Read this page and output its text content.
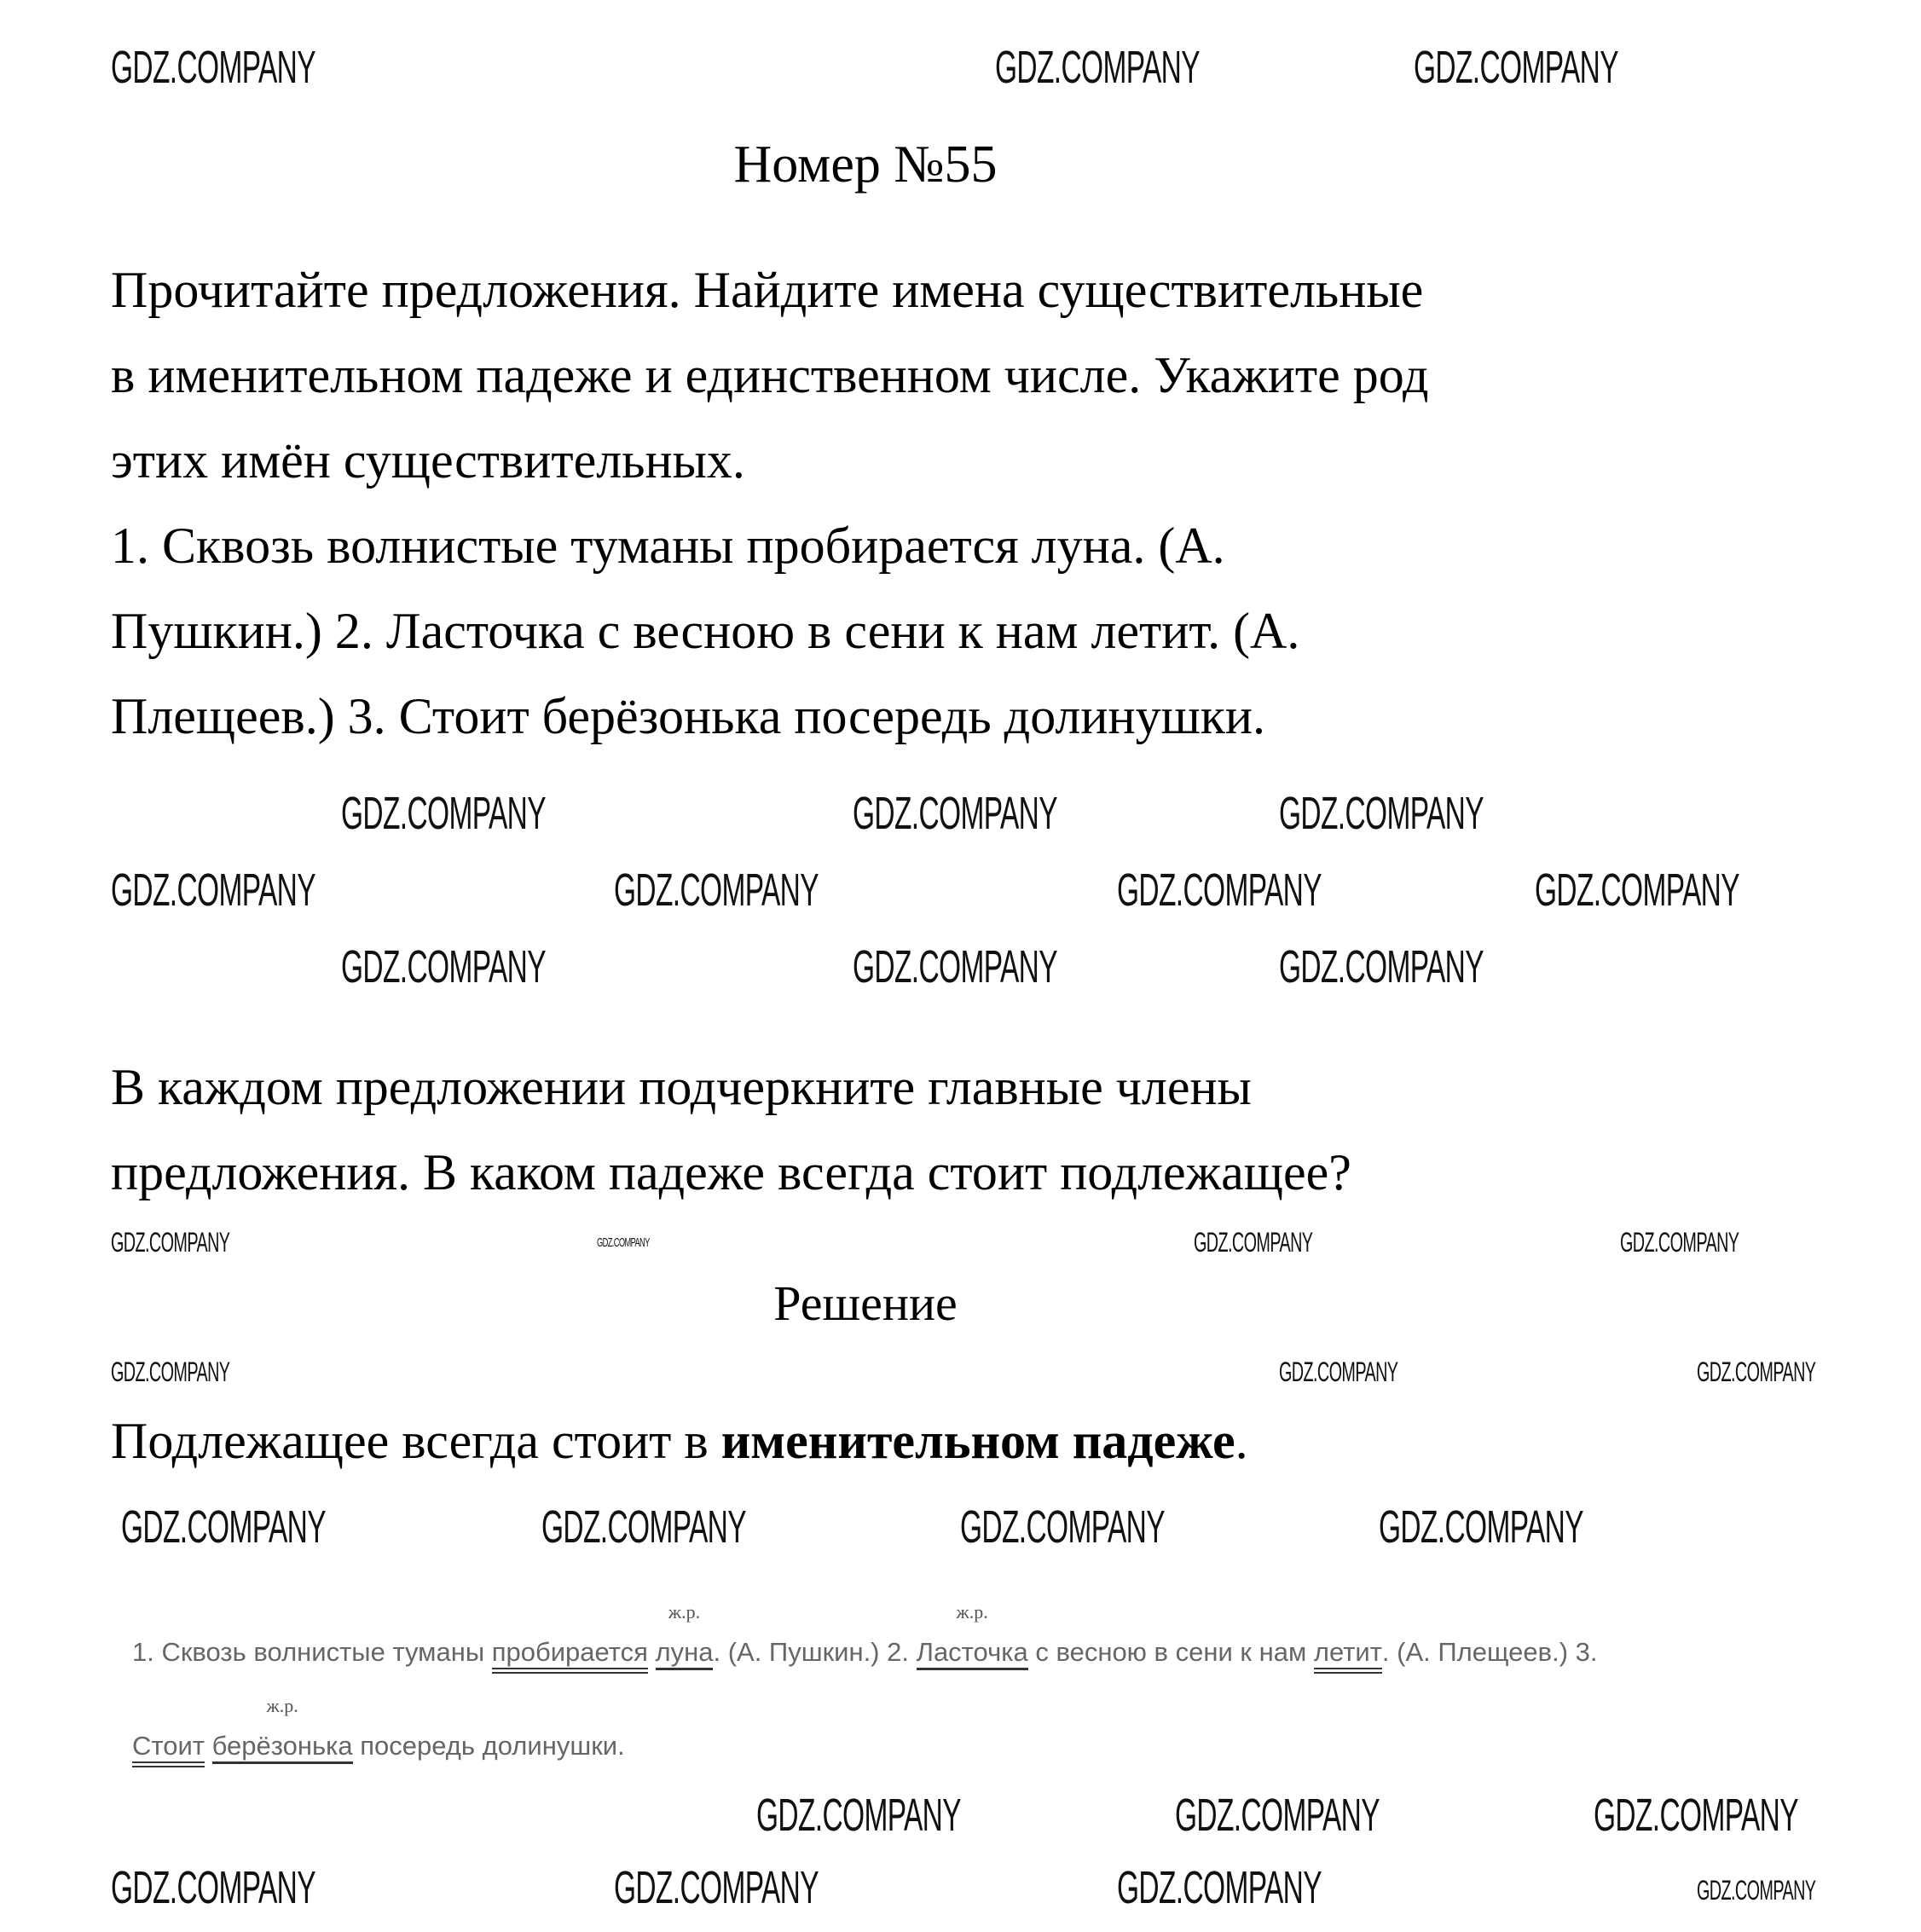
Номер №55
Прочитайте предложения. Найдите имена существительные
в именительном падеже и единственном числе. Укажите род
этих имён существительных.
1. Сквозь волнистые туманы пробирается луна. (А.
Пушкин.) 2. Ласточка с весною в сени к нам летит. (А.
Плещеев.) 3. Стоит берёзонька посередь долинушки.
В каждом предложении подчеркните главные члены
предложения. В каком падеже всегда стоит подлежащее?
Решение
Подлежащее всегда стоит в именительном падеже.
1. Сквозь волнистые туманы пробирается
ж.р.
луна. (А. Пушкин.) 2.
ж.р.
Ласточка с весною в сени к нам летит. (А. Плещеев.) 3.
Стоит
ж.р.
берёзонька посередь долинушки.
GDZ.COMPANY	GDZ.COMPANY	GDZ.COMPANY
GDZ.COMPANY	GDZ.COMPANY	GDZ.COMPANY
GDZ.COMPANY	GDZ.COMPANY	GDZ.COMPANY	GDZ.COMPANY
GDZ.COMPANY	GDZ.COMPANY	GDZ.COMPANY
GDZ.COMPANY	GDZ.COMPANY	GDZ.COMPANY	GDZ.COMPANY
GDZ.COMPANY	GDZ.COMPANY	GDZ.COMPANY
GDZ.COMPANY	GDZ.COMPANY	GDZ.COMPANY
GDZ.COMPANY	GDZ.COMPANY	GDZ.COMPANY
GDZ.COMPANY	GDZ.COMPANY	GDZ.COMPANY
GDZ.COMPANY
GDZ.COMPANY
